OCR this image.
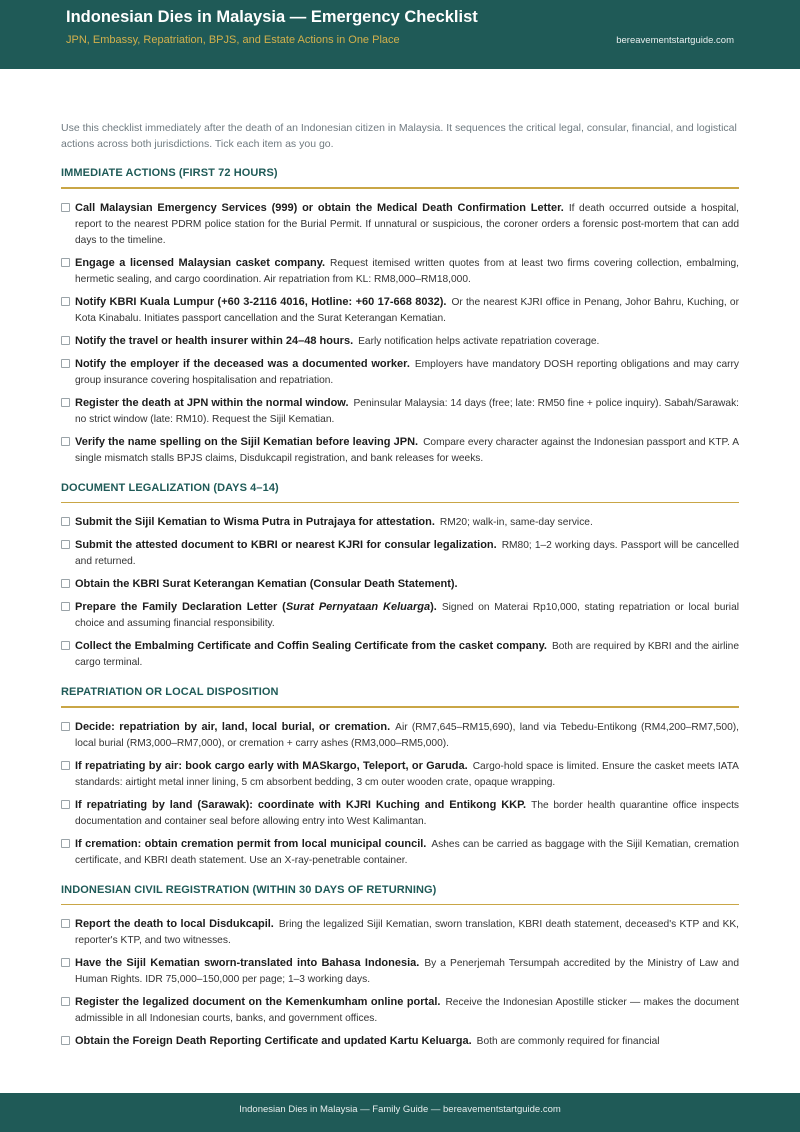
Indonesian Dies in Malaysia — Emergency Checklist
JPN, Embassy, Repatriation, BPJS, and Estate Actions in One Place	bereavementstartguide.com

Use this checklist immediately after the death of an Indonesian citizen in Malaysia. It sequences the critical legal, consular, financial, and logistical actions across both jurisdictions. Tick each item as you go.

IMMEDIATE ACTIONS (FIRST 72 HOURS)
Call Malaysian Emergency Services (999) or obtain the Medical Death Confirmation Letter. If death occurred outside a hospital, report to the nearest PDRM police station for the Burial Permit. If unnatural or suspicious, the coroner orders a forensic post-mortem that can add days to the timeline.
Engage a licensed Malaysian casket company. Request itemised written quotes from at least two firms covering collection, embalming, hermetic sealing, and cargo coordination. Air repatriation from KL: RM8,000–RM18,000.
Notify KBRI Kuala Lumpur (+60 3-2116 4016, Hotline: +60 17-668 8032). Or the nearest KJRI office in Penang, Johor Bahru, Kuching, or Kota Kinabalu. Initiates passport cancellation and the Surat Keterangan Kematian.
Notify the travel or health insurer within 24–48 hours. Early notification helps activate repatriation coverage.
Notify the employer if the deceased was a documented worker. Employers have mandatory DOSH reporting obligations and may carry group insurance covering hospitalisation and repatriation.
Register the death at JPN within the normal window. Peninsular Malaysia: 14 days (free; late: RM50 fine + police inquiry). Sabah/Sarawak: no strict window (late: RM10). Request the Sijil Kematian.
Verify the name spelling on the Sijil Kematian before leaving JPN. Compare every character against the Indonesian passport and KTP. A single mismatch stalls BPJS claims, Disdukcapil registration, and bank releases for weeks.
DOCUMENT LEGALIZATION (DAYS 4–14)
Submit the Sijil Kematian to Wisma Putra in Putrajaya for attestation. RM20; walk-in, same-day service.
Submit the attested document to KBRI or nearest KJRI for consular legalization. RM80; 1–2 working days. Passport will be cancelled and returned.
Obtain the KBRI Surat Keterangan Kematian (Consular Death Statement).
Prepare the Family Declaration Letter (Surat Pernyataan Keluarga). Signed on Materai Rp10,000, stating repatriation or local burial choice and assuming financial responsibility.
Collect the Embalming Certificate and Coffin Sealing Certificate from the casket company. Both are required by KBRI and the airline cargo terminal.
REPATRIATION OR LOCAL DISPOSITION
Decide: repatriation by air, land, local burial, or cremation. Air (RM7,645–RM15,690), land via Tebedu-Entikong (RM4,200–RM7,500), local burial (RM3,000–RM7,000), or cremation + carry ashes (RM3,000–RM5,000).
If repatriating by air: book cargo early with MASkargo, Teleport, or Garuda. Cargo-hold space is limited. Ensure the casket meets IATA standards: airtight metal inner lining, 5 cm absorbent bedding, 3 cm outer wooden crate, opaque wrapping.
If repatriating by land (Sarawak): coordinate with KJRI Kuching and Entikong KKP. The border health quarantine office inspects documentation and container seal before allowing entry into West Kalimantan.
If cremation: obtain cremation permit from local municipal council. Ashes can be carried as baggage with the Sijil Kematian, cremation certificate, and KBRI death statement. Use an X-ray-penetrable container.
INDONESIAN CIVIL REGISTRATION (WITHIN 30 DAYS OF RETURNING)
Report the death to local Disdukcapil. Bring the legalized Sijil Kematian, sworn translation, KBRI death statement, deceased's KTP and KK, reporter's KTP, and two witnesses.
Have the Sijil Kematian sworn-translated into Bahasa Indonesia. By a Penerjemah Tersumpah accredited by the Ministry of Law and Human Rights. IDR 75,000–150,000 per page; 1–3 working days.
Register the legalized document on the Kemenkumham online portal. Receive the Indonesian Apostille sticker — makes the document admissible in all Indonesian courts, banks, and government offices.
Obtain the Foreign Death Reporting Certificate and updated Kartu Keluarga. Both are commonly required for financial
Indonesian Dies in Malaysia — Family Guide — bereavementstartguide.com
